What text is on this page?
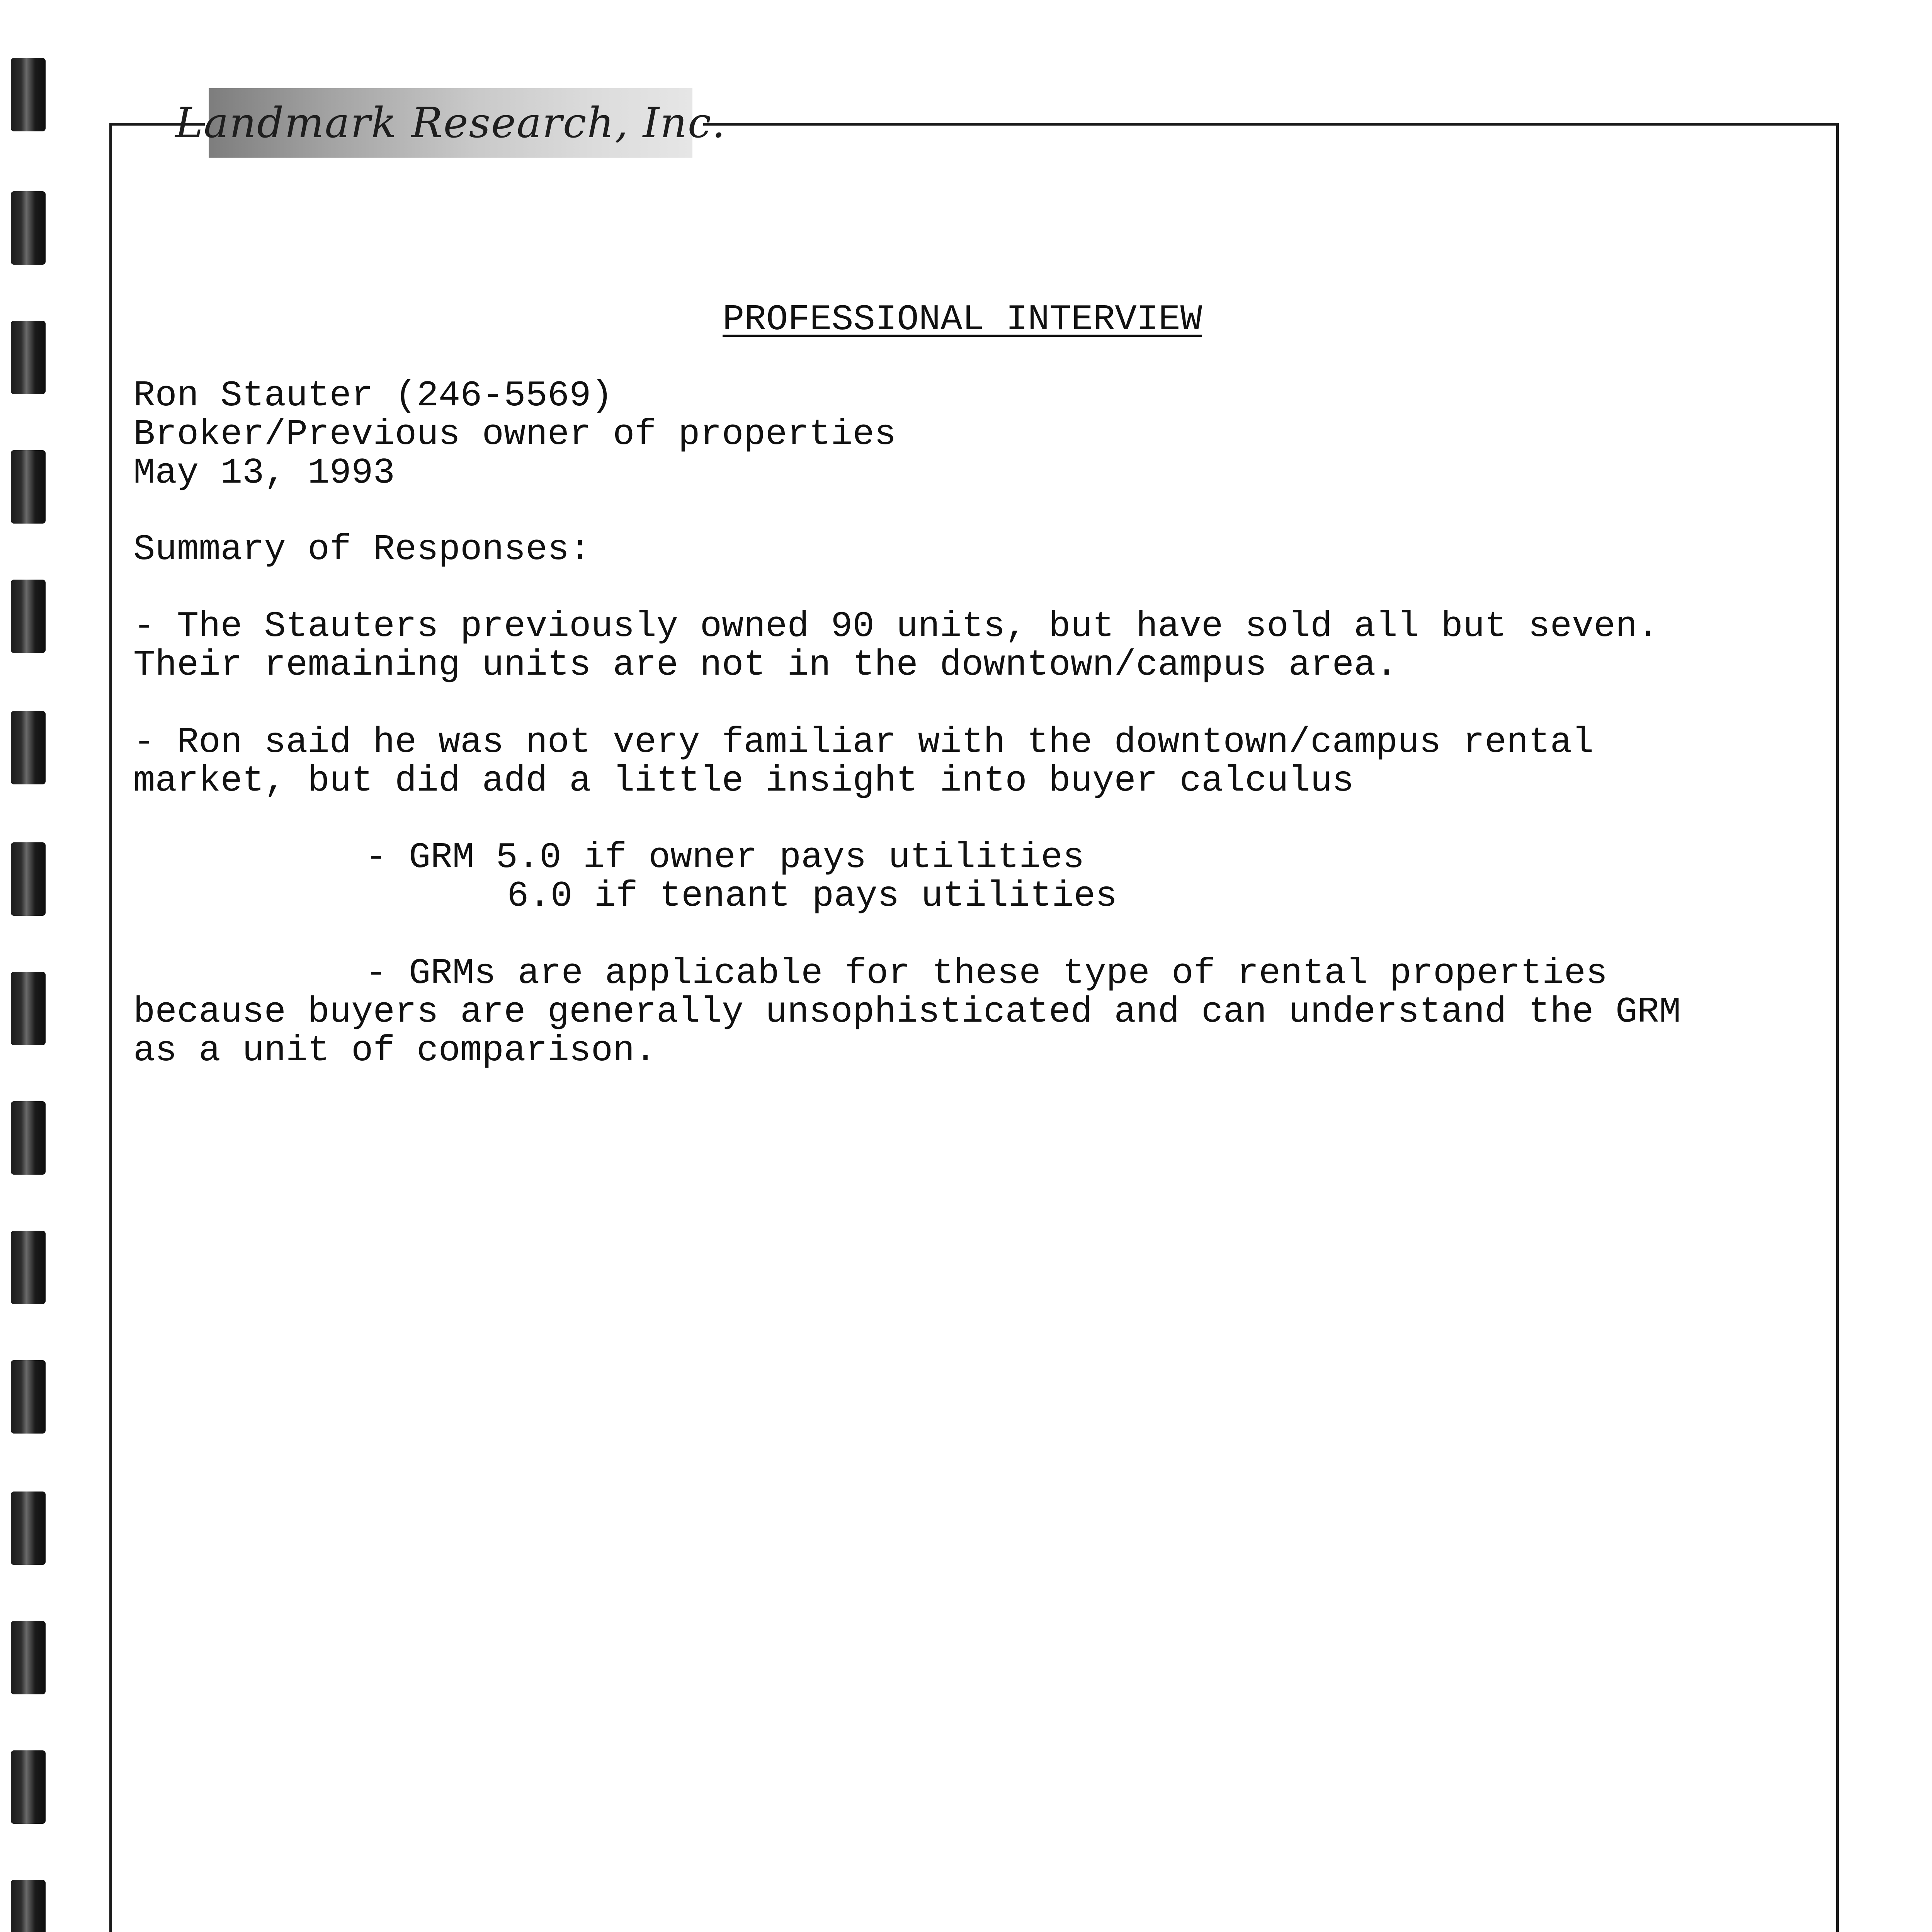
Landmark Research, Inc.
PROFESSIONAL INTERVIEW

Ron Stauter (246-5569)

Broker/Previous owner of properties

May 13, 1993

Summary of Responses:

- The Stauters previously owned 90 units, but have sold all but seven.

Their remaining units are not in the downtown/campus area.

- Ron said he was not very familiar with the downtown/campus rental

market, but did add a little insight into buyer calculus

- GRM 5.0 if owner pays utilities

6.0 if tenant pays utilities

- GRMs are applicable for these type of rental properties

because buyers are generally unsophisticated and can understand the GRM

as a unit of comparison.
